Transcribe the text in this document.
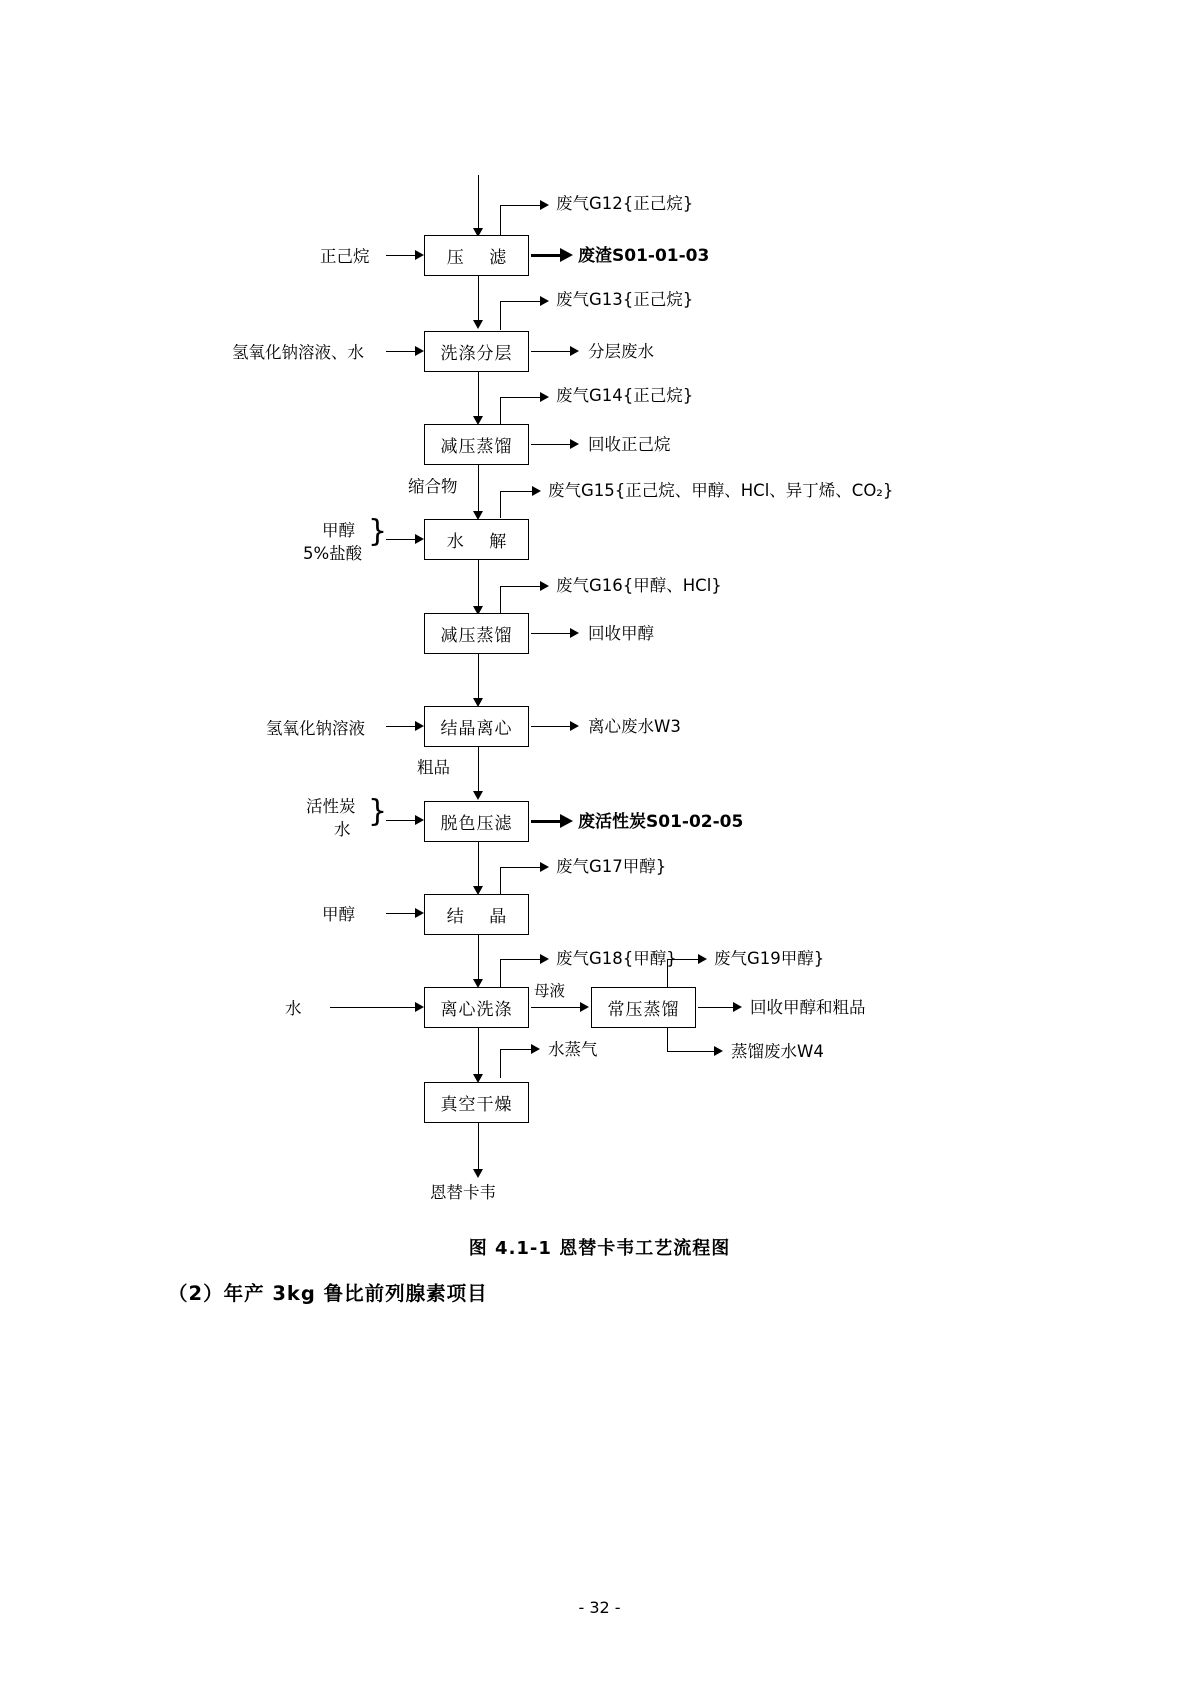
压 滤
废气G12{正己烷}
正己烷	废渣S01-01-03
废气G13{正己烷}
洗涤分层
氢氧化钠溶液、水	分层废水
废气G14{正己烷}
减压蒸馏	回收正己烷
缩合物	废气G15{正己烷、甲醇、HCl、异丁烯、CO₂}
水 解
甲醇
5%盐酸
}
废气G16{甲醇、HCl}
减压蒸馏	回收甲醇
结晶离心
氢氧化钠溶液	离心废水W3
粗品
脱色压滤
活性炭
水
}	废活性炭S01-02-05
废气G17甲醇}
结 晶
甲醇
废气G18{甲醇}
离心洗涤
水
母液
常压蒸馏
废气G19甲醇}
回收甲醇和粗品
蒸馏废水W4
水蒸气
真空干燥
恩替卡韦
图 4.1-1 恩替卡韦工艺流程图
（2）年产 3kg 鲁比前列腺素项目
- 32 -
